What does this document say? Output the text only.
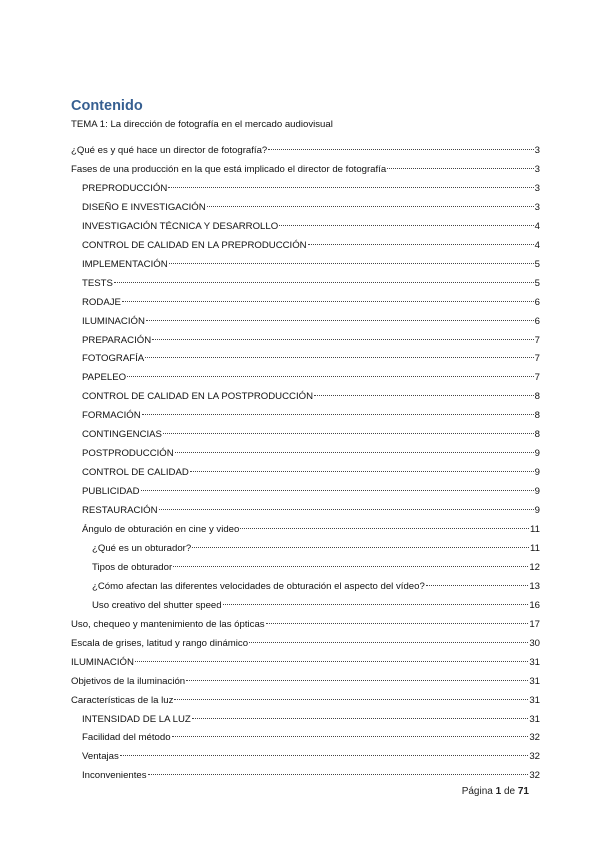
Contenido
TEMA 1: La dirección de fotografía en el mercado audiovisual
¿Qué es y qué hace un director de fotografía?	3
Fases de una producción en la que está implicado el director de fotografía	3
PREPRODUCCIÓN	3
DISEÑO E INVESTIGACIÓN	3
INVESTIGACIÓN TÉCNICA Y DESARROLLO	4
CONTROL DE CALIDAD EN LA PREPRODUCCIÓN	4
IMPLEMENTACIÓN	5
TESTS	5
RODAJE	6
ILUMINACIÓN	6
PREPARACIÓN	7
FOTOGRAFÍA	7
PAPELEO	7
CONTROL DE CALIDAD EN LA POSTPRODUCCIÓN	8
FORMACIÓN	8
CONTINGENCIAS	8
POSTPRODUCCIÓN	9
CONTROL DE CALIDAD	9
PUBLICIDAD	9
RESTAURACIÓN	9
Ángulo de obturación en cine y video	11
¿Qué es un obturador?	11
Tipos de obturador	12
¿Cómo afectan las diferentes velocidades de obturación el aspecto del vídeo?	13
Uso creativo del shutter speed	16
Uso, chequeo y mantenimiento de las ópticas	17
Escala de grises, latitud y rango dinámico	30
ILUMINACIÓN	31
Objetivos de la iluminación	31
Características de la luz	31
INTENSIDAD DE LA LUZ	31
Facilidad del método	32
Ventajas	32
Inconvenientes	32
Página 1 de 71
